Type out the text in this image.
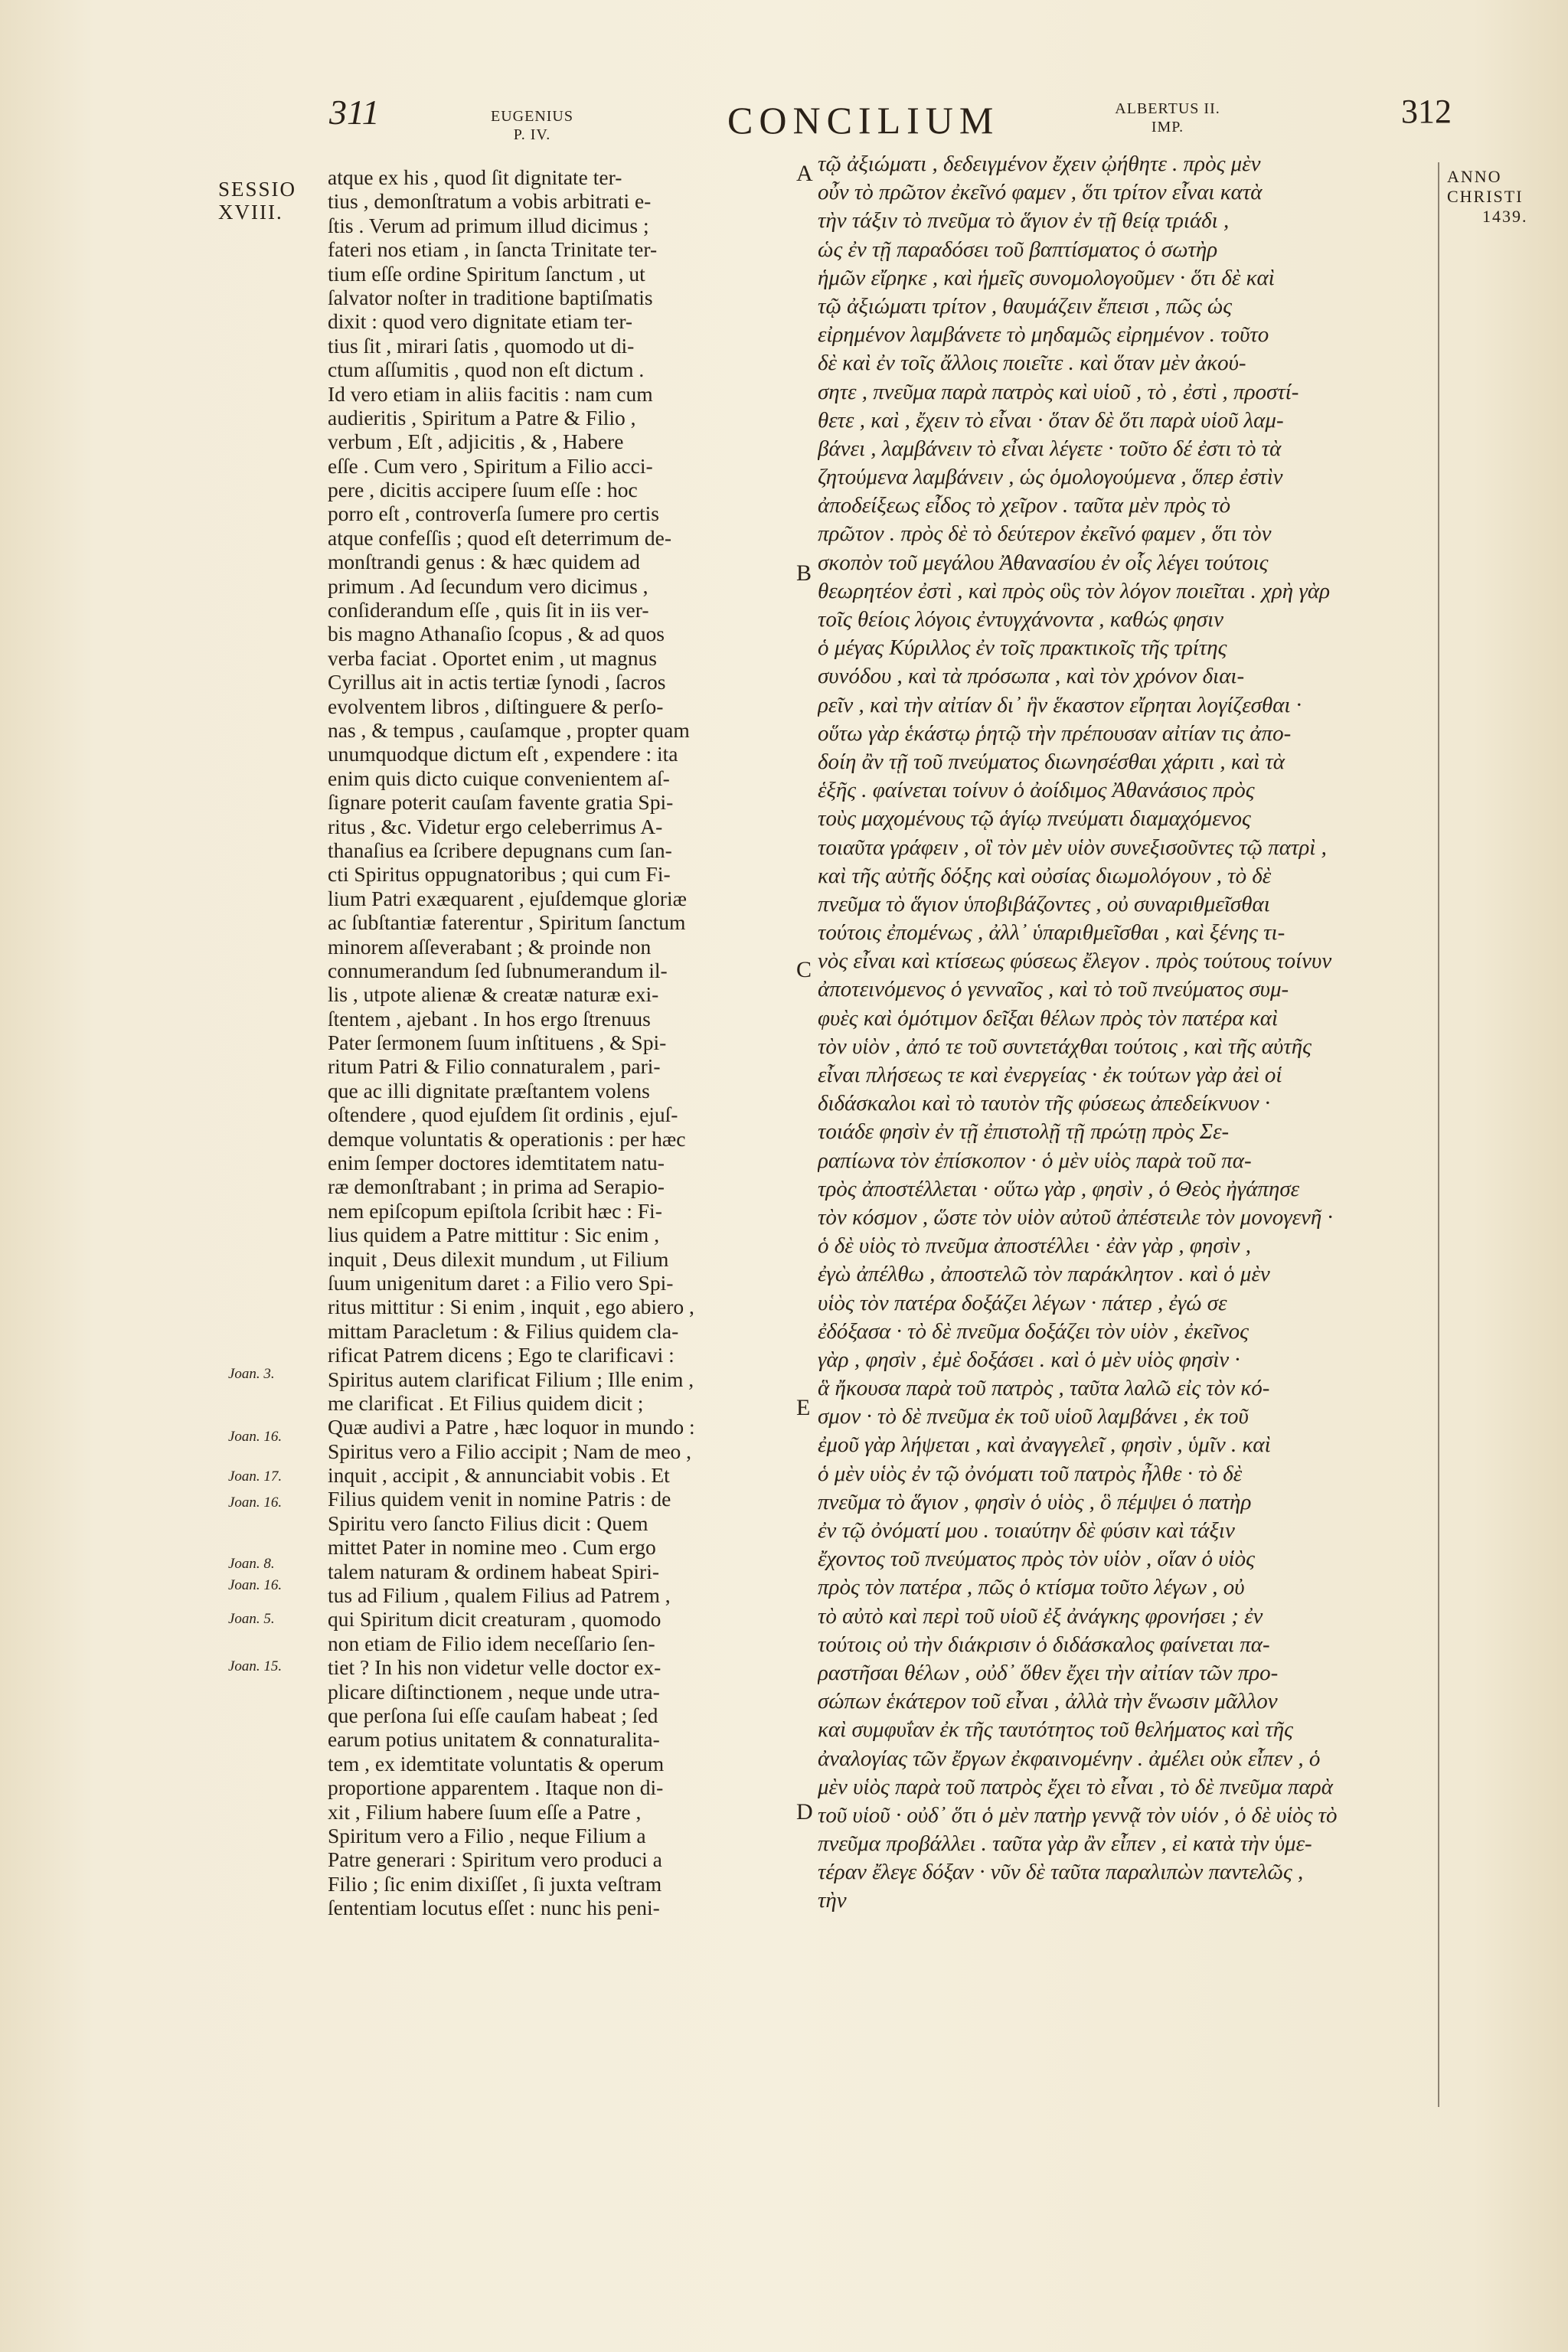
311	EUGENIUS
P. IV.	CONCILIUM	ALBERTUS II.
IMP.	312
SESSIO
XVIII.
Joan. 3.
Joan. 16.
Joan. 17.
Joan. 16.
Joan. 8.
Joan. 16.
Joan. 5.
Joan. 15.
ANNO
CHRISTI
1439.
A
B
C
E
D
atque ex his , quod ſit dignitate ter-
tius , demonſtratum a vobis arbitrati e-
ſtis . Verum ad primum illud dicimus ;
fateri nos etiam , in ſancta Trinitate ter-
tium eſſe ordine Spiritum ſanctum , ut
ſalvator noſter in traditione baptiſmatis
dixit : quod vero dignitate etiam ter-
tius ſit , mirari ſatis , quomodo ut di-
ctum aſſumitis , quod non eſt dictum .
Id vero etiam in aliis facitis : nam cum
audieritis , Spiritum a Patre & Filio ,
verbum , Eſt , adjicitis , & , Habere
eſſe . Cum vero , Spiritum a Filio acci-
pere , dicitis accipere ſuum eſſe : hoc
porro eſt , controverſa ſumere pro certis
atque confeſſis ; quod eſt deterrimum de-
monſtrandi genus : & hæc quidem ad
primum . Ad ſecundum vero dicimus ,
conſiderandum eſſe , quis ſit in iis ver-
bis magno Athanaſio ſcopus , & ad quos
verba faciat . Oportet enim , ut magnus
Cyrillus ait in actis tertiæ ſynodi , ſacros
evolventem libros , diſtinguere & perſo-
nas , & tempus , cauſamque , propter quam
unumquodque dictum eſt , expendere : ita
enim quis dicto cuique convenientem aſ-
ſignare poterit cauſam favente gratia Spi-
ritus , &c. Videtur ergo celeberrimus A-
thanaſius ea ſcribere depugnans cum ſan-
cti Spiritus oppugnatoribus ; qui cum Fi-
lium Patri exæquarent , ejuſdemque gloriæ
ac ſubſtantiæ faterentur , Spiritum ſanctum
minorem aſſeverabant ; & proinde non
connumerandum ſed ſubnumerandum il-
lis , utpote alienæ & creatæ naturæ exi-
ſtentem , ajebant . In hos ergo ſtrenuus
Pater ſermonem ſuum inſtituens , & Spi-
ritum Patri & Filio connaturalem , pari-
que ac illi dignitate præſtantem volens
oſtendere , quod ejuſdem ſit ordinis , ejuſ-
demque voluntatis & operationis : per hæc
enim ſemper doctores idemtitatem natu-
ræ demonſtrabant ; in prima ad Serapio-
nem epiſcopum epiſtola ſcribit hæc : Fi-
lius quidem a Patre mittitur : Sic enim ,
inquit , Deus dilexit mundum , ut Filium
ſuum unigenitum daret : a Filio vero Spi-
ritus mittitur : Si enim , inquit , ego abiero ,
mittam Paracletum : & Filius quidem cla-
rificat Patrem dicens ; Ego te clarificavi :
Spiritus autem clarificat Filium ; Ille enim ,
me clarificat . Et Filius quidem dicit ;
Quæ audivi a Patre , hæc loquor in mundo :
Spiritus vero a Filio accipit ; Nam de meo ,
inquit , accipit , & annunciabit vobis . Et
Filius quidem venit in nomine Patris : de
Spiritu vero ſancto Filius dicit : Quem
mittet Pater in nomine meo . Cum ergo
talem naturam & ordinem habeat Spiri-
tus ad Filium , qualem Filius ad Patrem ,
qui Spiritum dicit creaturam , quomodo
non etiam de Filio idem neceſſario ſen-
tiet ? In his non videtur velle doctor ex-
plicare diſtinctionem , neque unde utra-
que perſona ſui eſſe cauſam habeat ; ſed
earum potius unitatem & connaturalita-
tem , ex idemtitate voluntatis & operum
proportione apparentem . Itaque non di-
xit , Filium habere ſuum eſſe a Patre ,
Spiritum vero a Filio , neque Filium a
Patre generari : Spiritum vero produci a
Filio ; ſic enim dixiſſet , ſi juxta veſtram
ſententiam locutus eſſet : nunc his peni-
τῷ ἀξιώματι , δεδειγμένον ἔχειν ᾠήθητε . πρὸς μὲν
οὖν τὸ πρῶτον ἐκεῖνό φαμεν , ὅτι τρίτον εἶναι κατὰ
τὴν τάξιν τὸ πνεῦμα τὸ ἅγιον ἐν τῇ θείᾳ τριάδι ,
ὡς ἐν τῇ παραδόσει τοῦ βαπτίσματος ὁ σωτὴρ
ἡμῶν εἴρηκε , καὶ ἡμεῖς συνομολογοῦμεν · ὅτι δὲ καὶ
τῷ ἀξιώματι τρίτον , θαυμάζειν ἔπεισι , πῶς ὡς
εἰρημένον λαμβάνετε τὸ μηδαμῶς εἰρημένον . τοῦτο
δὲ καὶ ἐν τοῖς ἄλλοις ποιεῖτε . καὶ ὅταν μὲν ἀκού-
σητε , πνεῦμα παρὰ πατρὸς καὶ υἱοῦ , τὸ , ἐστὶ , προστί-
θετε , καὶ , ἔχειν τὸ εἶναι · ὅταν δὲ ὅτι παρὰ υἱοῦ λαμ-
βάνει , λαμβάνειν τὸ εἶναι λέγετε · τοῦτο δέ ἐστι τὸ τὰ
ζητούμενα λαμβάνειν , ὡς ὁμολογούμενα , ὅπερ ἐστὶν
ἀποδείξεως εἶδος τὸ χεῖρον . ταῦτα μὲν πρὸς τὸ
πρῶτον . πρὸς δὲ τὸ δεύτερον ἐκεῖνό φαμεν , ὅτι τὸν
σκοπὸν τοῦ μεγάλου Ἀθανασίου ἐν οἷς λέγει τούτοις
θεωρητέον ἐστὶ , καὶ πρὸς οὓς τὸν λόγον ποιεῖται . χρὴ γὰρ
τοῖς θείοις λόγοις ἐντυγχάνοντα , καθώς φησιν
ὁ μέγας Κύριλλος ἐν τοῖς πρακτικοῖς τῆς τρίτης
συνόδου , καὶ τὰ πρόσωπα , καὶ τὸν χρόνον διαι-
ρεῖν , καὶ τὴν αἰτίαν δι᾽ ἣν ἕκαστον εἴρηται λογίζεσθαι ·
οὕτω γὰρ ἑκάστῳ ῥητῷ τὴν πρέπουσαν αἰτίαν τις ἀπο-
δοίη ἂν τῇ τοῦ πνεύματος διωνησέσθαι χάριτι , καὶ τὰ
ἑξῆς . φαίνεται τοίνυν ὁ ἀοίδιμος Ἀθανάσιος πρὸς
τοὺς μαχομένους τῷ ἁγίῳ πνεύματι διαμαχόμενος
τοιαῦτα γράφειν , οἳ τὸν μὲν υἱὸν συνεξισοῦντες τῷ πατρὶ ,
καὶ τῆς αὐτῆς δόξης καὶ οὐσίας διωμολόγουν , τὸ δὲ
πνεῦμα τὸ ἅγιον ὑποβιβάζοντες , οὐ συναριθμεῖσθαι
τούτοις ἐπομένως , ἀλλ᾽ ὑπαριθμεῖσθαι , καὶ ξένης τι-
νὸς εἶναι καὶ κτίσεως φύσεως ἔλεγον . πρὸς τούτους τοίνυν
ἀποτεινόμενος ὁ γενναῖος , καὶ τὸ τοῦ πνεύματος συμ-
φυὲς καὶ ὁμότιμον δεῖξαι θέλων πρὸς τὸν πατέρα καὶ
τὸν υἱὸν , ἀπό τε τοῦ συντετάχθαι τούτοις , καὶ τῆς αὐτῆς
εἶναι πλήσεως τε καὶ ἐνεργείας · ἐκ τούτων γὰρ ἀεὶ οἱ
διδάσκαλοι καὶ τὸ ταυτὸν τῆς φύσεως ἀπεδείκνυον ·
τοιάδε φησὶν ἐν τῇ ἐπιστολῇ τῇ πρώτῃ πρὸς Σε-
ραπίωνα τὸν ἐπίσκοπον · ὁ μὲν υἱὸς παρὰ τοῦ πα-
τρὸς ἀποστέλλεται · οὕτω γὰρ , φησὶν , ὁ Θεὸς ἠγάπησε
τὸν κόσμον , ὥστε τὸν υἱὸν αὐτοῦ ἀπέστειλε τὸν μονογενῆ ·
ὁ δὲ υἱὸς τὸ πνεῦμα ἀποστέλλει · ἐὰν γὰρ , φησὶν ,
ἐγὼ ἀπέλθω , ἀποστελῶ τὸν παράκλητον . καὶ ὁ μὲν
υἱὸς τὸν πατέρα δοξάζει λέγων · πάτερ , ἐγώ σε
ἐδόξασα · τὸ δὲ πνεῦμα δοξάζει τὸν υἱὸν , ἐκεῖνος
γὰρ , φησὶν , ἐμὲ δοξάσει . καὶ ὁ μὲν υἱὸς φησὶν ·
ἃ ἤκουσα παρὰ τοῦ πατρὸς , ταῦτα λαλῶ εἰς τὸν κό-
σμον · τὸ δὲ πνεῦμα ἐκ τοῦ υἱοῦ λαμβάνει , ἐκ τοῦ
ἐμοῦ γὰρ λήψεται , καὶ ἀναγγελεῖ , φησὶν , ὑμῖν . καὶ
ὁ μὲν υἱὸς ἐν τῷ ὀνόματι τοῦ πατρὸς ἦλθε · τὸ δὲ
πνεῦμα τὸ ἅγιον , φησὶν ὁ υἱὸς , ὃ πέμψει ὁ πατὴρ
ἐν τῷ ὀνόματί μου . τοιαύτην δὲ φύσιν καὶ τάξιν
ἔχοντος τοῦ πνεύματος πρὸς τὸν υἱὸν , οἵαν ὁ υἱὸς
πρὸς τὸν πατέρα , πῶς ὁ κτίσμα τοῦτο λέγων , οὐ
τὸ αὐτὸ καὶ περὶ τοῦ υἱοῦ ἐξ ἀνάγκης φρονήσει ; ἐν
τούτοις οὐ τὴν διάκρισιν ὁ διδάσκαλος φαίνεται πα-
ραστῆσαι θέλων , οὐδ᾽ ὅθεν ἔχει τὴν αἰτίαν τῶν προ-
σώπων ἑκάτερον τοῦ εἶναι , ἀλλὰ τὴν ἕνωσιν μᾶλλον
καὶ συμφυΐαν ἐκ τῆς ταυτότητος τοῦ θελήματος καὶ τῆς
ἀναλογίας τῶν ἔργων ἐκφαινομένην . ἀμέλει οὐκ εἶπεν , ὁ
μὲν υἱὸς παρὰ τοῦ πατρὸς ἔχει τὸ εἶναι , τὸ δὲ πνεῦμα παρὰ
τοῦ υἱοῦ · οὐδ᾽ ὅτι ὁ μὲν πατὴρ γεννᾷ τὸν υἱόν , ὁ δὲ υἱὸς τὸ
πνεῦμα προβάλλει . ταῦτα γὰρ ἂν εἶπεν , εἰ κατὰ τὴν ὑμε-
τέραν ἔλεγε δόξαν · νῦν δὲ ταῦτα παραλιπὼν παντελῶς ,
τὴν
